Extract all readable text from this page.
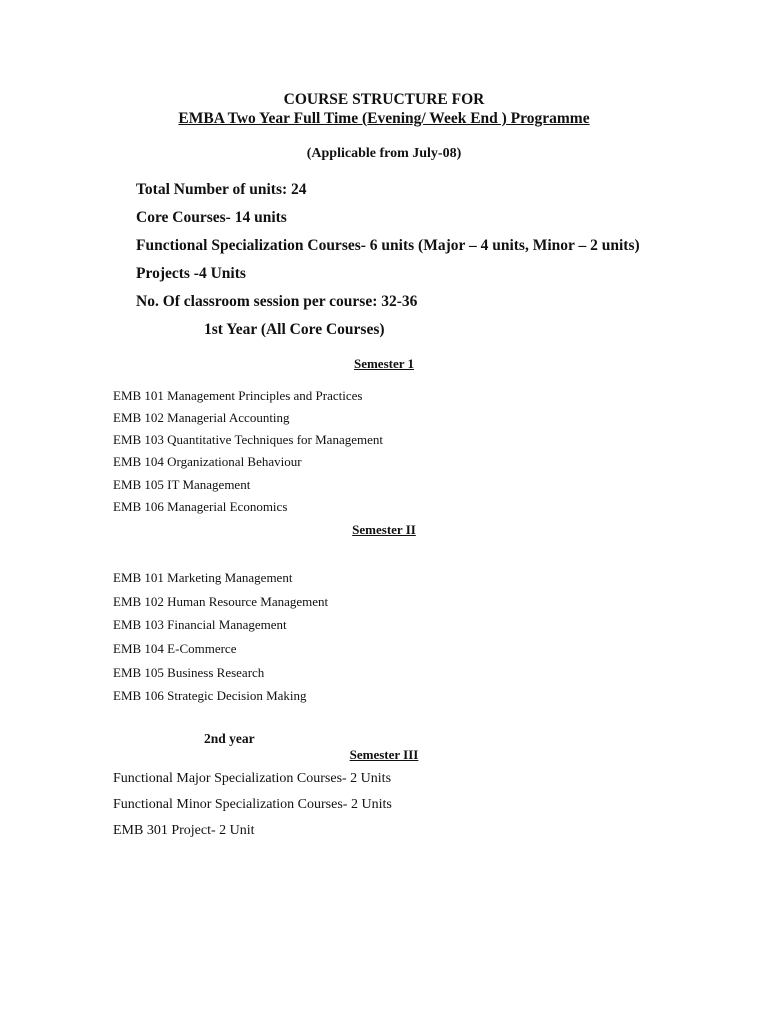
COURSE STRUCTURE FOR
EMBA Two Year Full Time (Evening/ Week End ) Programme
(Applicable from July-08)
Total Number of units: 24
Core Courses- 14 units
Functional Specialization Courses- 6 units (Major – 4 units, Minor – 2 units)
Projects -4 Units
No. Of classroom session per course: 32-36
1st Year (All Core Courses)
Semester 1
EMB 101 Management Principles and Practices
EMB 102 Managerial Accounting
EMB 103 Quantitative Techniques for Management
EMB 104 Organizational Behaviour
EMB 105 IT Management
EMB 106 Managerial Economics
Semester II
EMB 101 Marketing Management
EMB 102 Human Resource Management
EMB 103 Financial Management
EMB 104 E-Commerce
EMB 105 Business Research
EMB 106 Strategic Decision Making
2nd year
Semester III
Functional Major Specialization Courses- 2 Units
Functional Minor Specialization Courses- 2 Units
EMB 301 Project- 2 Unit
